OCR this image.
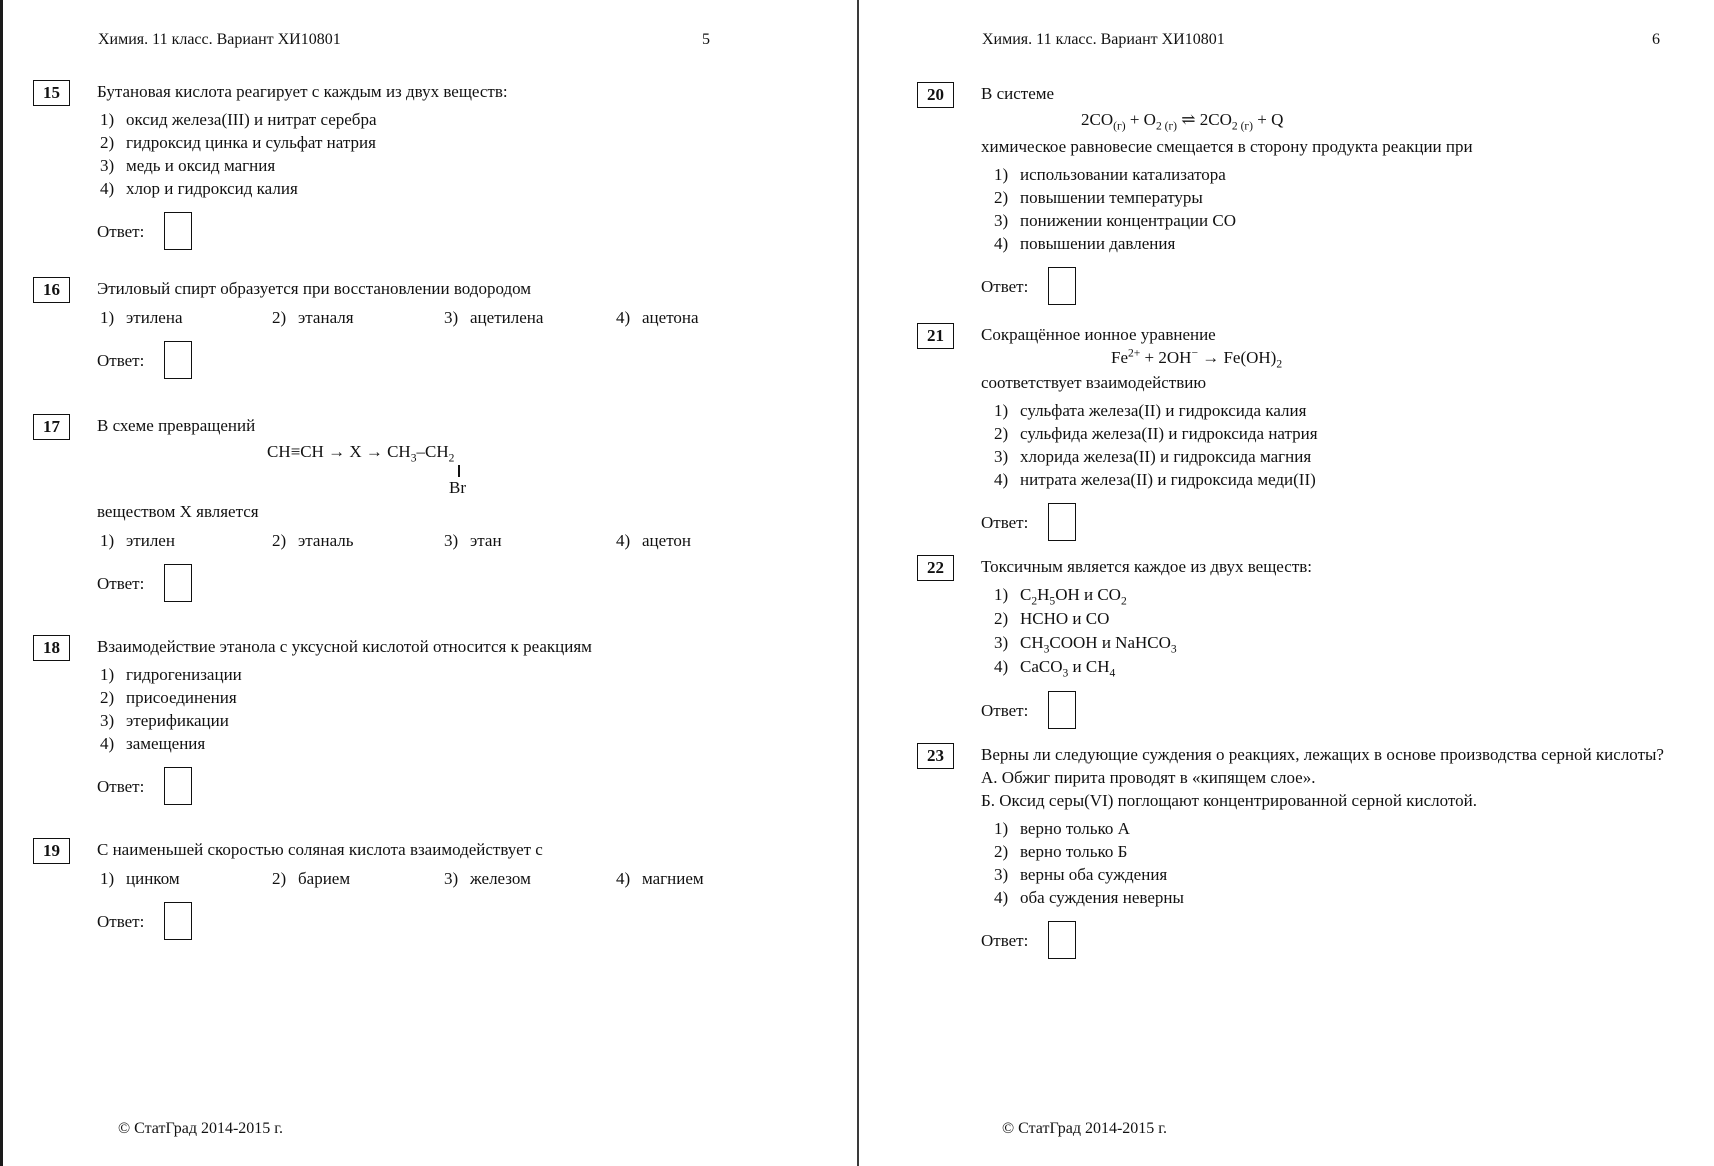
Химия. 11 класс. Вариант ХИ10801	5
15	Бутановая кислота реагирует с каждым из двух веществ:
1) оксид железа(III) и нитрат серебра
2) гидроксид цинка и сульфат натрия
3) медь и оксид магния
4) хлор и гидроксид калия
Ответ:
16	Этиловый спирт образуется при восстановлении водородом
1) этилена	2) этаналя	3) ацетилена	4) ацетона
Ответ:
17	В схеме превращений
$CH\equiv CH \to X \to CH_3-CH_2$
Br
веществом X является
1) этилен	2) этаналь	3) этан	4) ацетон
Ответ:
18	Взаимодействие этанола с уксусной кислотой относится к реакциям
1) гидрогенизации
2) присоединения
3) этерификации
4) замещения
Ответ:
19	С наименьшей скоростью соляная кислота взаимодействует с
1) цинком	2) барием	3) железом	4) магнием
Ответ:
© СтатГрад 2014-2015 г.
Химия. 11 класс. Вариант ХИ10801	6
20	В системе
$2CO_{(г)} + O_{2 (г)}$ ⇌ $2CO_{2 (г)} + Q$
химическое равновесие смещается в сторону продукта реакции при
1) использовании катализатора
2) повышении температуры
3) понижении концентрации CO
4) повышении давления
Ответ:
21	Сокращённое ионное уравнение
$Fe^{2+} + 2OH^- \to Fe(OH)_2$
соответствует взаимодействию
1) сульфата железа(II) и гидроксида калия
2) сульфида железа(II) и гидроксида натрия
3) хлорида железа(II) и гидроксида магния
4) нитрата железа(II) и гидроксида меди(II)
Ответ:
22	Токсичным является каждое из двух веществ:
1) $C_2H_5OH$ и $CO_2$
2) HCHO и CO
3) $CH_3COOH$ и NaHCO$_3$
4) CaCO$_3$ и $CH_4$
Ответ:
23	Верны ли следующие суждения о реакциях, лежащих в основе производства серной кислоты?
А. Обжиг пирита проводят в «кипящем слое».
Б. Оксид серы(VI) поглощают концентрированной серной кислотой.
1) верно только А
2) верно только Б
3) верны оба суждения
4) оба суждения неверны
Ответ:
© СтатГрад 2014-2015 г.
